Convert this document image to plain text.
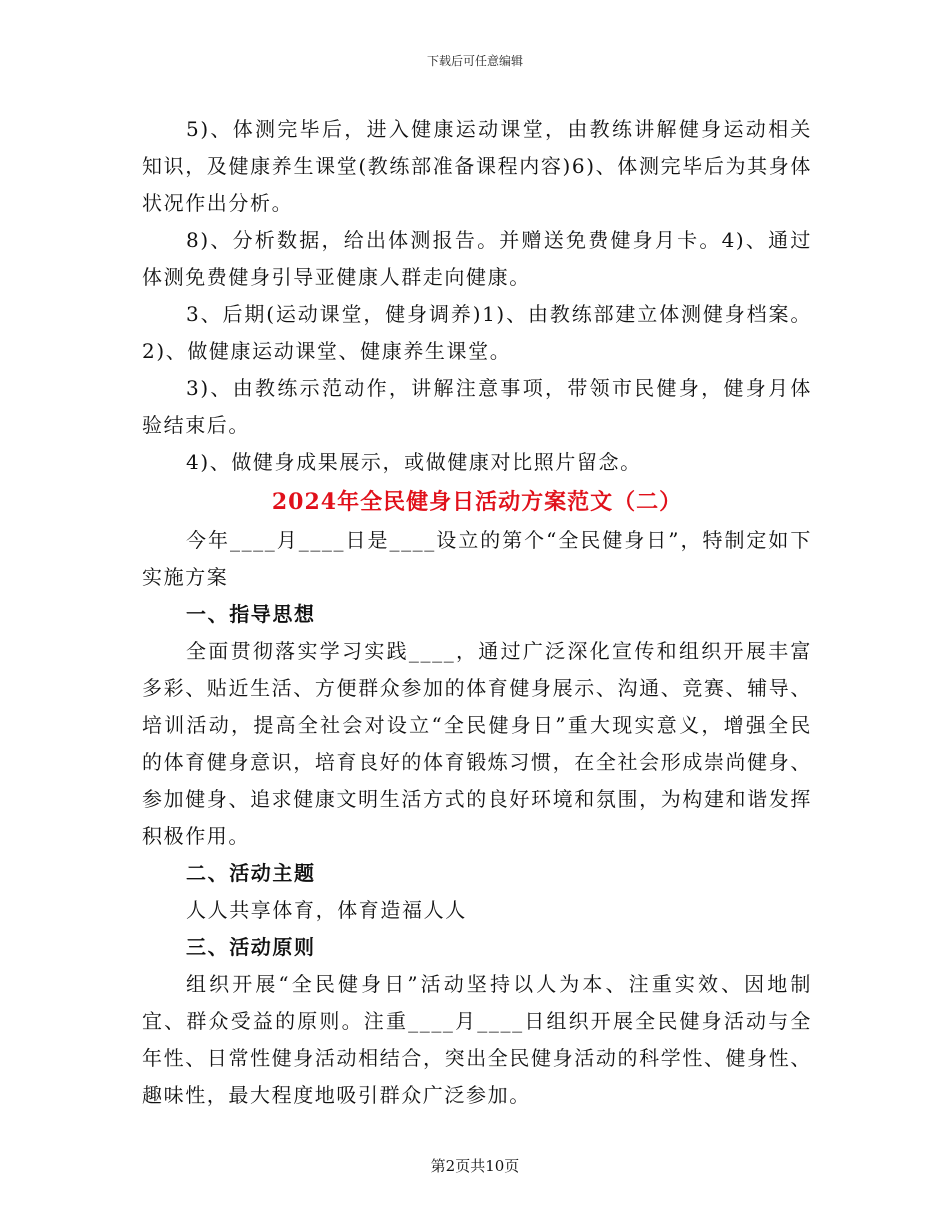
下载后可任意编辑

5)、体测完毕后，进入健康运动课堂，由教练讲解健身运动相关知识，及健康养生课堂(教练部准备课程内容)6)、体测完毕后为其身体状况作出分析。

8)、分析数据，给出体测报告。并赠送免费健身月卡。4)、通过体测免费健身引导亚健康人群走向健康。

3、后期(运动课堂，健身调养)1)、由教练部建立体测健身档案。2)、做健康运动课堂、健康养生课堂。

3)、由教练示范动作，讲解注意事项，带领市民健身，健身月体验结束后。

4)、做健身成果展示，或做健康对比照片留念。

2024年全民健身日活动方案范文（二）

今年____月____日是____设立的第个“全民健身日”，特制定如下实施方案

一、指导思想

全面贯彻落实学习实践____，通过广泛深化宣传和组织开展丰富多彩、贴近生活、方便群众参加的体育健身展示、沟通、竞赛、辅导、培训活动，提高全社会对设立“全民健身日”重大现实意义，增强全民的体育健身意识，培育良好的体育锻炼习惯，在全社会形成崇尚健身、参加健身、追求健康文明生活方式的良好环境和氛围，为构建和谐发挥积极作用。

二、活动主题

人人共享体育，体育造福人人

三、活动原则

组织开展“全民健身日”活动坚持以人为本、注重实效、因地制宜、群众受益的原则。注重____月____日组织开展全民健身活动与全年性、日常性健身活动相结合，突出全民健身活动的科学性、健身性、趣味性，最大程度地吸引群众广泛参加。

第2页共10页
